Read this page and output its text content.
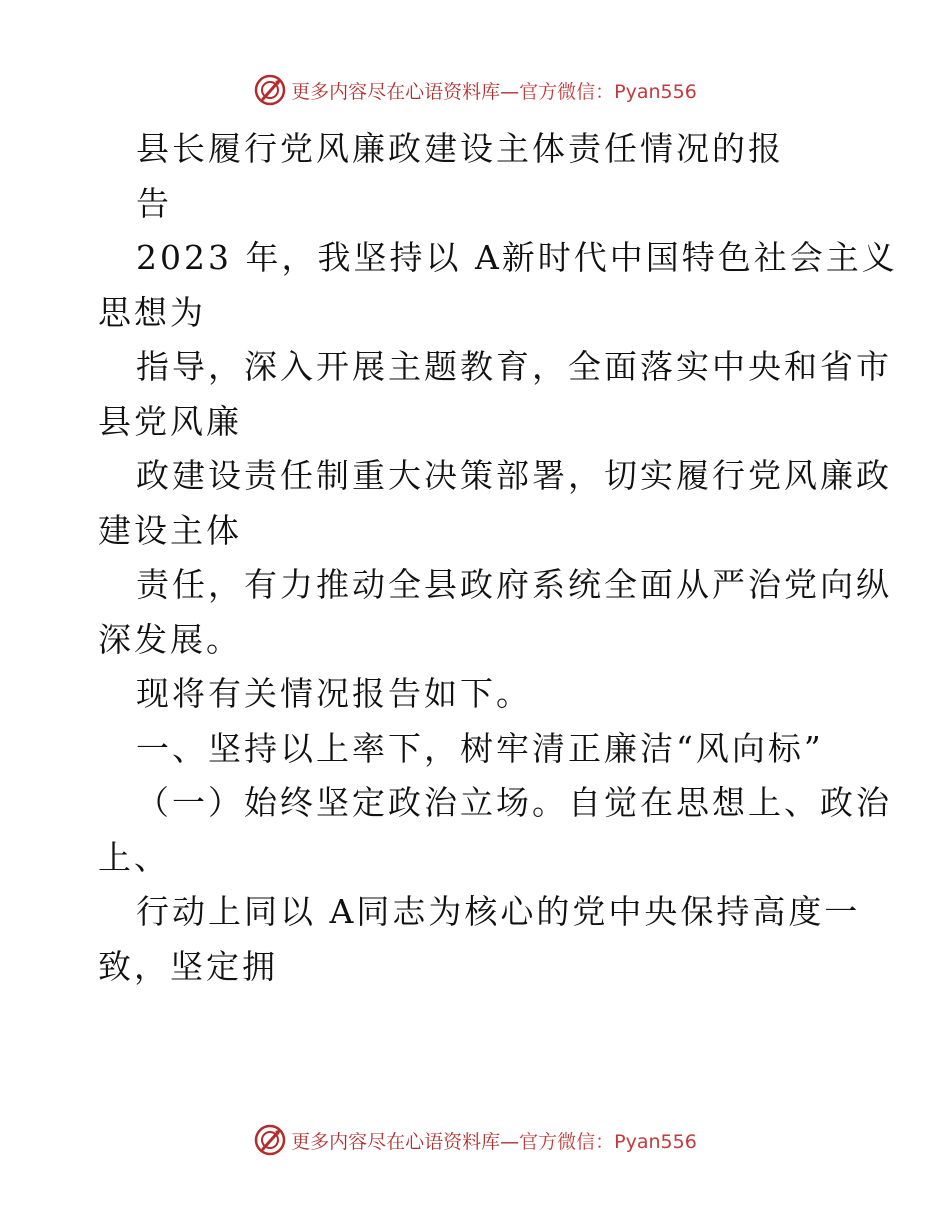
更多内容尽在心语资料库—官方微信：Pyan556
县长履行党风廉政建设主体责任情况的报
告
2023 年，我坚持以 A新时代中国特色社会主义
思想为
指导，深入开展主题教育，全面落实中央和省市
县党风廉
政建设责任制重大决策部署，切实履行党风廉政
建设主体
责任，有力推动全县政府系统全面从严治党向纵
深发展。
现将有关情况报告如下。
一、坚持以上率下，树牢清正廉洁“风向标”
（一）始终坚定政治立场。自觉在思想上、政治
上、
行动上同以 A同志为核心的党中央保持高度一
致，坚定拥
更多内容尽在心语资料库—官方微信：Pyan556
